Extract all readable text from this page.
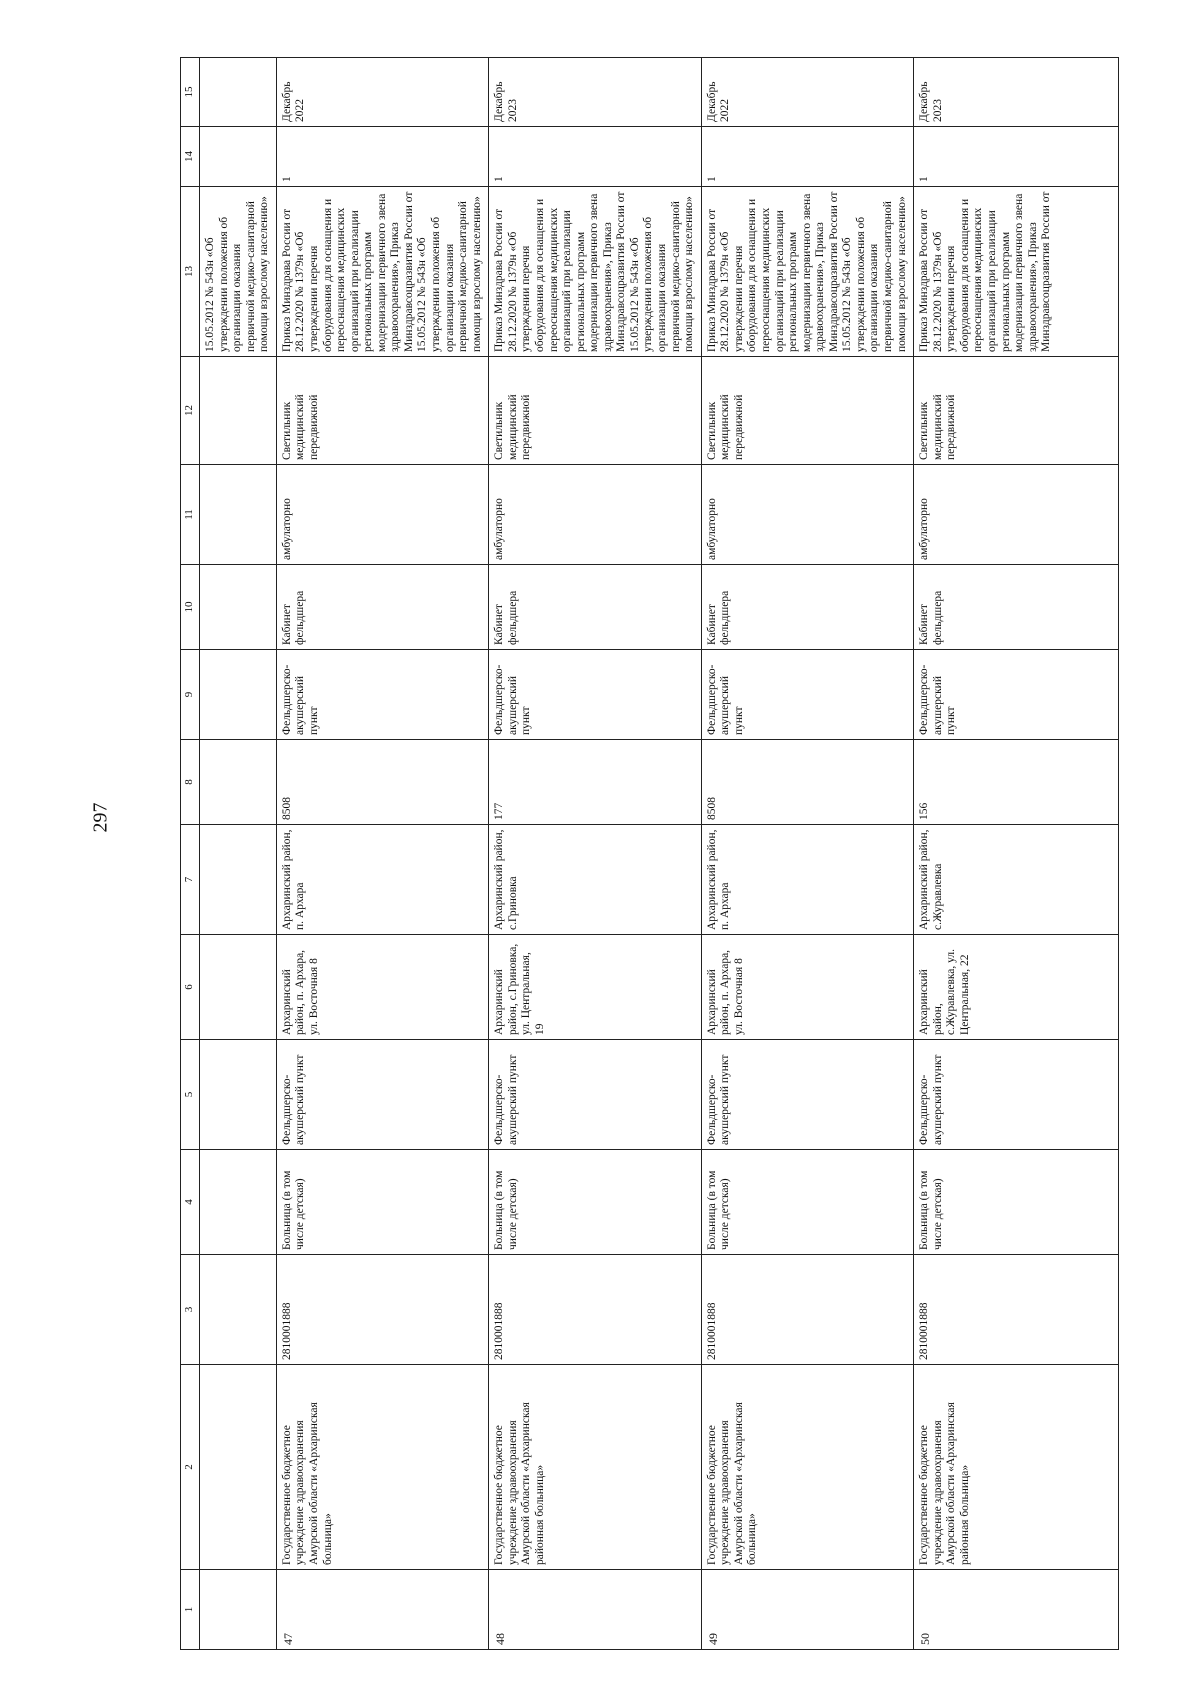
297
1	2	3	4	5	6	7	8	9	10	11	12	13	14	15
												15.05.2012 № 543н «Об утверждении положения об организации оказания первичной медико-санитарной помощи взрослому населению»		
47	Государственное бюджетное учреждение здравоохранения Амурской области «Архаринская больница»	2810001888	Больница (в том числе детская)	Фельдшерско-акушерский пункт	Архаринский район, п. Архара, ул. Восточная 8	Архаринский район, п. Архара	8508	Фельдшерско-акушерский пункт	Кабинет фельдшера	амбулаторно	Светильник медицинский передвижной	Приказ Минздрава России от 28.12.2020 № 1379н «Об утверждении перечня оборудования для оснащения и переоснащения медицинских организаций при реализации региональных программ модернизации первичного звена здравоохранения», Приказ Минздравсоцразвития России от 15.05.2012 № 543н «Об утверждении положения об организации оказания первичной медико-санитарной помощи взрослому населению»	1	Декабрь 2022
48	Государственное бюджетное учреждение здравоохранения Амурской области «Архаринская районная больница»	2810001888	Больница (в том числе детская)	Фельдшерско-акушерский пункт	Архаринский район, с.Гриновка, ул. Центральная, 19	Архаринский район, с.Гриновка	177	Фельдшерско-акушерский пункт	Кабинет фельдшера	амбулаторно	Светильник медицинский передвижной	Приказ Минздрава России от 28.12.2020 № 1379н «Об утверждении перечня оборудования для оснащения и переоснащения медицинских организаций при реализации региональных программ модернизации первичного звена здравоохранения», Приказ Минздравсоцразвития России от 15.05.2012 № 543н «Об утверждении положения об организации оказания первичной медико-санитарной помощи взрослому населению»	1	Декабрь 2023
49	Государственное бюджетное учреждение здравоохранения Амурской области «Архаринская больница»	2810001888	Больница (в том числе детская)	Фельдшерско-акушерский пункт	Архаринский район, п. Архара, ул. Восточная 8	Архаринский район, п. Архара	8508	Фельдшерско-акушерский пункт	Кабинет фельдшера	амбулаторно	Светильник медицинский передвижной	Приказ Минздрава России от 28.12.2020 № 1379н «Об утверждении перечня оборудования для оснащения и переоснащения медицинских организаций при реализации региональных программ модернизации первичного звена здравоохранения», Приказ Минздравсоцразвития России от 15.05.2012 № 543н «Об утверждении положения об организации оказания первичной медико-санитарной помощи взрослому населению»	1	Декабрь 2022
50	Государственное бюджетное учреждение здравоохранения Амурской области «Архаринская районная больница»	2810001888	Больница (в том числе детская)	Фельдшерско-акушерский пункт	Архаринский район, с.Журавлевка, ул. Центральная, 22	Архаринский район, с.Журавлевка	156	Фельдшерско-акушерский пункт	Кабинет фельдшера	амбулаторно	Светильник медицинский передвижной	Приказ Минздрава России от 28.12.2020 № 1379н «Об утверждении перечня оборудования для оснащения и переоснащения медицинских организаций при реализации региональных программ модернизации первичного звена здравоохранения», Приказ Минздравсоцразвития России от	1	Декабрь 2023
